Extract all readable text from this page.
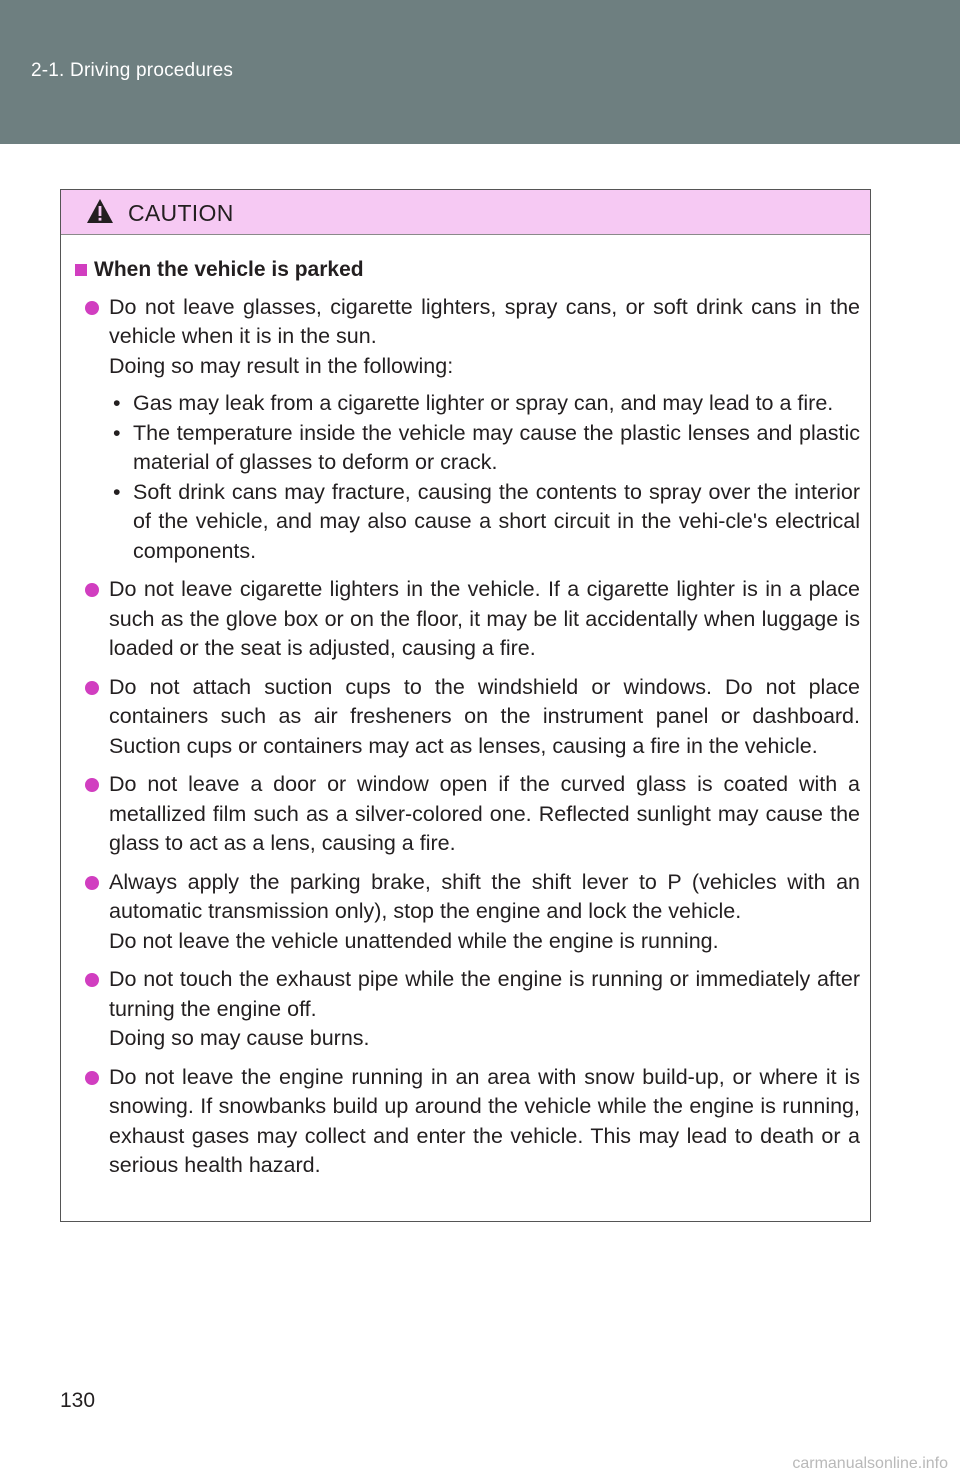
2-1. Driving procedures
CAUTION
When the vehicle is parked

Do not leave glasses, cigarette lighters, spray cans, or soft drink cans in the vehicle when it is in the sun.

Doing so may result in the following:

• Gas may leak from a cigarette lighter or spray can, and may lead to a fire.
• The temperature inside the vehicle may cause the plastic lenses and plastic material of glasses to deform or crack.
• Soft drink cans may fracture, causing the contents to spray over the interior of the vehicle, and may also cause a short circuit in the vehi-cle's electrical components.

Do not leave cigarette lighters in the vehicle. If a cigarette lighter is in a place such as the glove box or on the floor, it may be lit accidentally when luggage is loaded or the seat is adjusted, causing a fire.

Do not attach suction cups to the windshield or windows. Do not place containers such as air fresheners on the instrument panel or dashboard. Suction cups or containers may act as lenses, causing a fire in the vehicle.

Do not leave a door or window open if the curved glass is coated with a metallized film such as a silver-colored one. Reflected sunlight may cause the glass to act as a lens, causing a fire.

Always apply the parking brake, shift the shift lever to P (vehicles with an automatic transmission only), stop the engine and lock the vehicle.

Do not leave the vehicle unattended while the engine is running.

Do not touch the exhaust pipe while the engine is running or immediately after turning the engine off.

Doing so may cause burns.

Do not leave the engine running in an area with snow build-up, or where it is snowing. If snowbanks build up around the vehicle while the engine is running, exhaust gases may collect and enter the vehicle. This may lead to death or a serious health hazard.

130
carmanualsonline.info
